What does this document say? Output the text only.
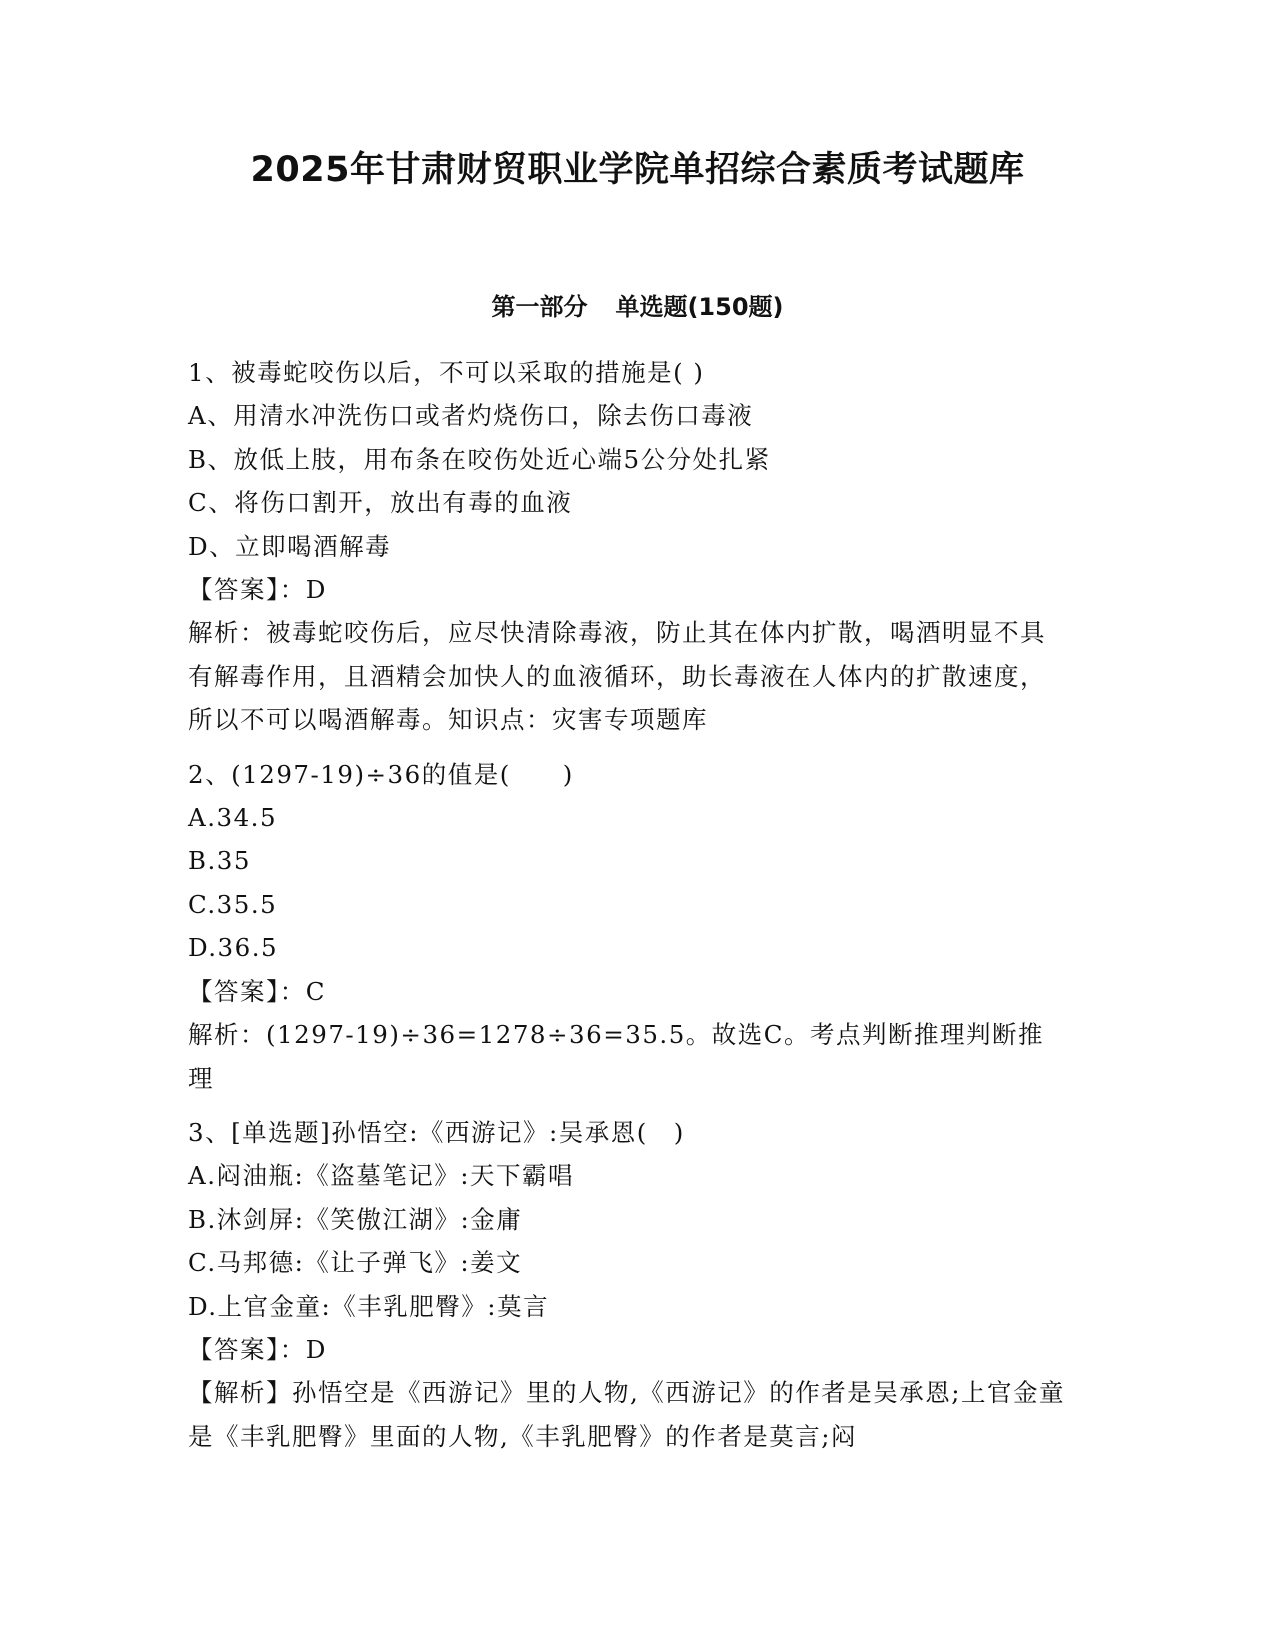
2025年甘肃财贸职业学院单招综合素质考试题库
第一部分 单选题(150题)

1、被毒蛇咬伤以后，不可以采取的措施是( )

A、用清水冲洗伤口或者灼烧伤口，除去伤口毒液

B、放低上肢，用布条在咬伤处近心端5公分处扎紧

C、将伤口割开，放出有毒的血液

D、立即喝酒解毒

【答案】：D

解析：被毒蛇咬伤后，应尽快清除毒液，防止其在体内扩散，喝酒明显不具有解毒作用，且酒精会加快人的血液循环，助长毒液在人体内的扩散速度，所以不可以喝酒解毒。知识点：灾害专项题库

2、(1297-19)÷36的值是(　　)

A.34.5

B.35

C.35.5

D.36.5

【答案】：C

解析：(1297-19)÷36=1278÷36=35.5。故选C。考点判断推理判断推理

3、[单选题]孙悟空:《西游记》:吴承恩(　)

A.闷油瓶:《盗墓笔记》:天下霸唱

B.沐剑屏:《笑傲江湖》:金庸

C.马邦德:《让子弹飞》:姜文

D.上官金童:《丰乳肥臀》:莫言

【答案】：D

【解析】孙悟空是《西游记》里的人物,《西游记》的作者是吴承恩;上官金童是《丰乳肥臀》里面的人物,《丰乳肥臀》的作者是莫言;闷
